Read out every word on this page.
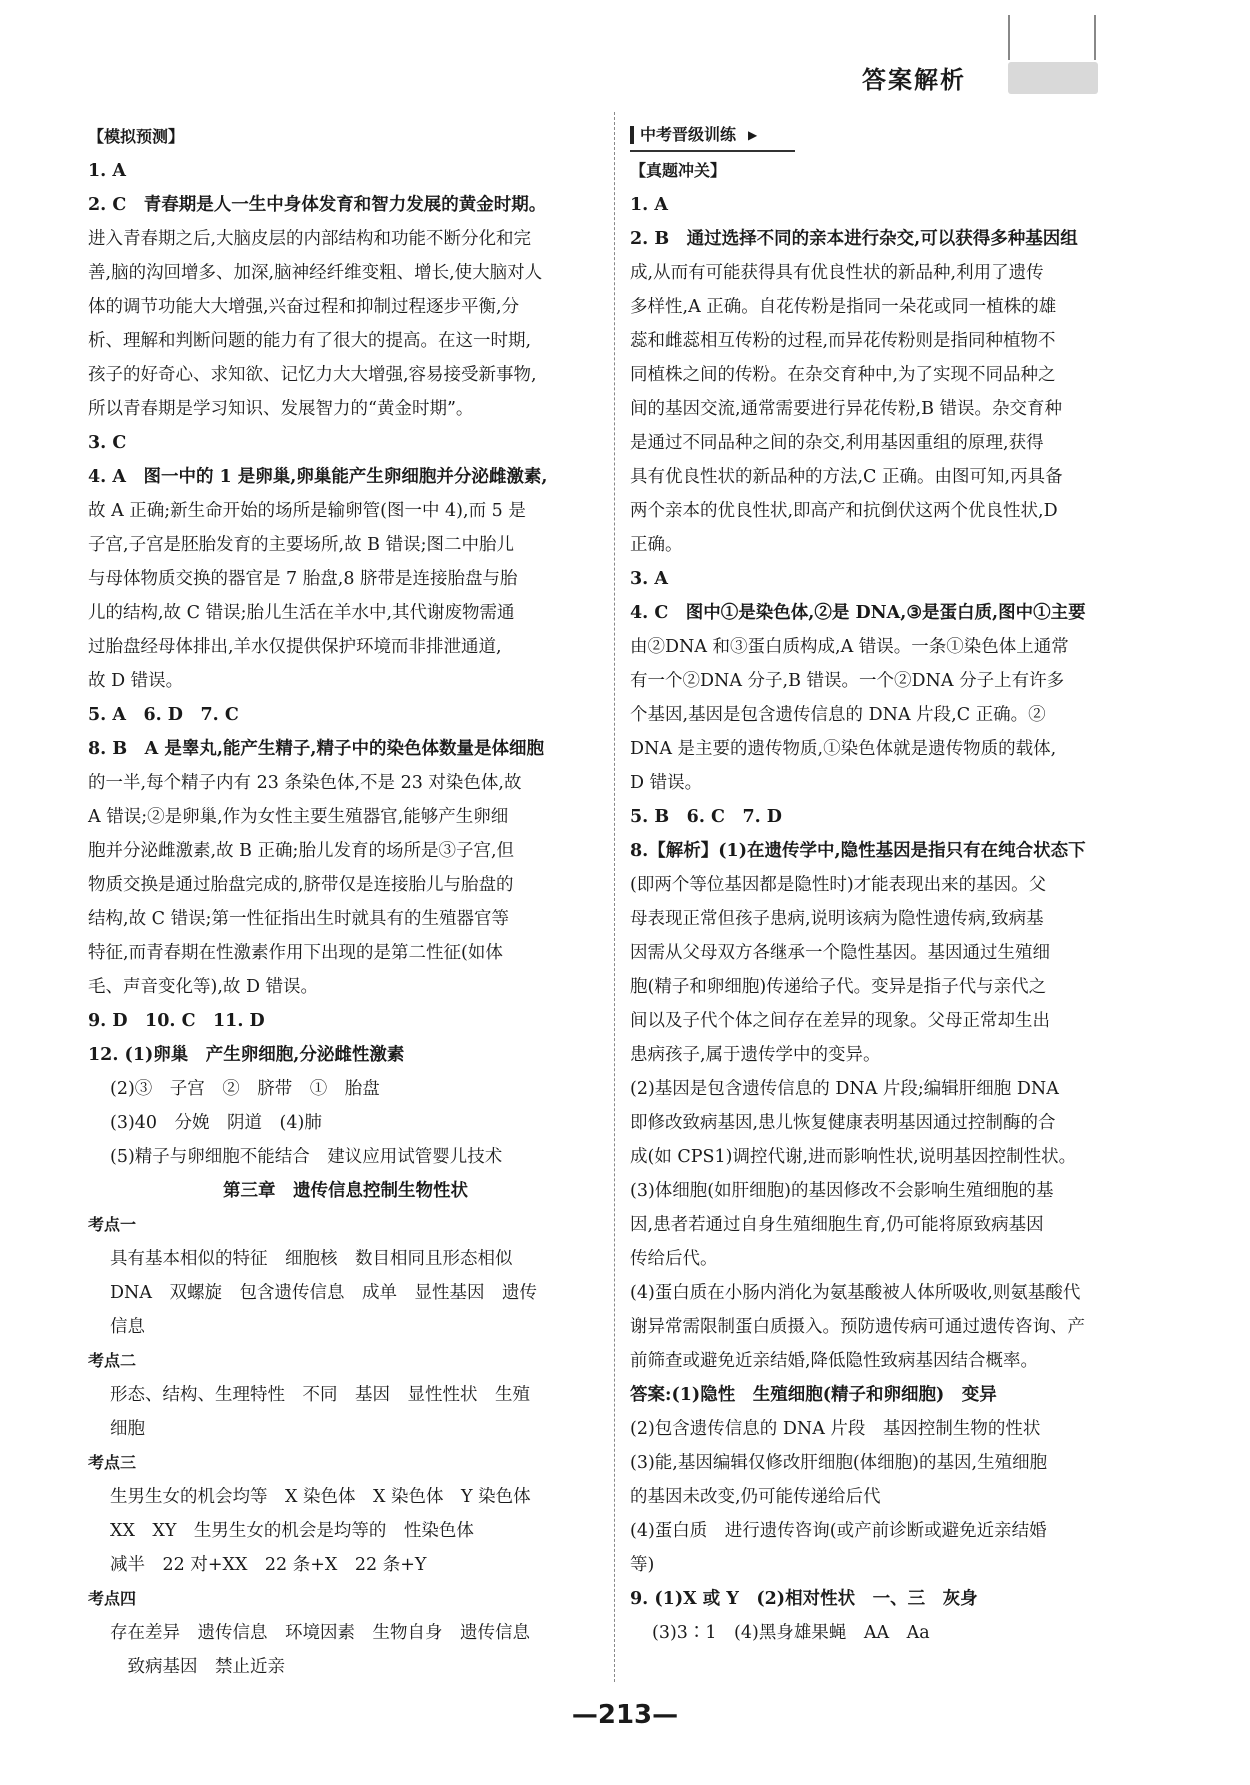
答案解析
【模拟预测】
1. A
2. C　青春期是人一生中身体发育和智力发展的黄金时期。
进入青春期之后,大脑皮层的内部结构和功能不断分化和完
善,脑的沟回增多、加深,脑神经纤维变粗、增长,使大脑对人
体的调节功能大大增强,兴奋过程和抑制过程逐步平衡,分
析、理解和判断问题的能力有了很大的提高。在这一时期,
孩子的好奇心、求知欲、记忆力大大增强,容易接受新事物,
所以青春期是学习知识、发展智力的“黄金时期”。
3. C
4. A　图一中的 1 是卵巢,卵巢能产生卵细胞并分泌雌激素,
故 A 正确;新生命开始的场所是输卵管(图一中 4),而 5 是
子宫,子宫是胚胎发育的主要场所,故 B 错误;图二中胎儿
与母体物质交换的器官是 7 胎盘,8 脐带是连接胎盘与胎
儿的结构,故 C 错误;胎儿生活在羊水中,其代谢废物需通
过胎盘经母体排出,羊水仅提供保护环境而非排泄通道,
故 D 错误。
5. A　6. D　7. C
8. B　A 是睾丸,能产生精子,精子中的染色体数量是体细胞
的一半,每个精子内有 23 条染色体,不是 23 对染色体,故
A 错误;②是卵巢,作为女性主要生殖器官,能够产生卵细
胞并分泌雌激素,故 B 正确;胎儿发育的场所是③子宫,但
物质交换是通过胎盘完成的,脐带仅是连接胎儿与胎盘的
结构,故 C 错误;第一性征指出生时就具有的生殖器官等
特征,而青春期在性激素作用下出现的是第二性征(如体
毛、声音变化等),故 D 错误。
9. D　10. C　11. D
12. (1)卵巢　产生卵细胞,分泌雌性激素
(2)③　子宫　②　脐带　①　胎盘
(3)40　分娩　阴道　(4)肺
(5)精子与卵细胞不能结合　建议应用试管婴儿技术
第三章　遗传信息控制生物性状
考点一
具有基本相似的特征　细胞核　数目相同且形态相似
DNA　双螺旋　包含遗传信息　成单　显性基因　遗传
信息
考点二
形态、结构、生理特性　不同　基因　显性性状　生殖
细胞
考点三
生男生女的机会均等　X 染色体　X 染色体　Y 染色体
XX　XY　生男生女的机会是均等的　性染色体
减半　22 对+XX　22 条+X　22 条+Y
考点四
存在差异　遗传信息　环境因素　生物自身　遗传信息
　致病基因　禁止近亲
中考晋级训练 ▶
【真题冲关】
1. A
2. B　通过选择不同的亲本进行杂交,可以获得多种基因组
成,从而有可能获得具有优良性状的新品种,利用了遗传
多样性,A 正确。自花传粉是指同一朵花或同一植株的雄
蕊和雌蕊相互传粉的过程,而异花传粉则是指同种植物不
同植株之间的传粉。在杂交育种中,为了实现不同品种之
间的基因交流,通常需要进行异花传粉,B 错误。杂交育种
是通过不同品种之间的杂交,利用基因重组的原理,获得
具有优良性状的新品种的方法,C 正确。由图可知,丙具备
两个亲本的优良性状,即高产和抗倒伏这两个优良性状,D
正确。
3. A
4. C　图中①是染色体,②是 DNA,③是蛋白质,图中①主要
由②DNA 和③蛋白质构成,A 错误。一条①染色体上通常
有一个②DNA 分子,B 错误。一个②DNA 分子上有许多
个基因,基因是包含遗传信息的 DNA 片段,C 正确。②
DNA 是主要的遗传物质,①染色体就是遗传物质的载体,
D 错误。
5. B　6. C　7. D
8.【解析】(1)在遗传学中,隐性基因是指只有在纯合状态下
(即两个等位基因都是隐性时)才能表现出来的基因。父
母表现正常但孩子患病,说明该病为隐性遗传病,致病基
因需从父母双方各继承一个隐性基因。基因通过生殖细
胞(精子和卵细胞)传递给子代。变异是指子代与亲代之
间以及子代个体之间存在差异的现象。父母正常却生出
患病孩子,属于遗传学中的变异。
(2)基因是包含遗传信息的 DNA 片段;编辑肝细胞 DNA
即修改致病基因,患儿恢复健康表明基因通过控制酶的合
成(如 CPS1)调控代谢,进而影响性状,说明基因控制性状。
(3)体细胞(如肝细胞)的基因修改不会影响生殖细胞的基
因,患者若通过自身生殖细胞生育,仍可能将原致病基因
传给后代。
(4)蛋白质在小肠内消化为氨基酸被人体所吸收,则氨基酸代
谢异常需限制蛋白质摄入。预防遗传病可通过遗传咨询、产
前筛查或避免近亲结婚,降低隐性致病基因结合概率。
答案:(1)隐性　生殖细胞(精子和卵细胞)　变异
(2)包含遗传信息的 DNA 片段　基因控制生物的性状
(3)能,基因编辑仅修改肝细胞(体细胞)的基因,生殖细胞
的基因未改变,仍可能传递给后代
(4)蛋白质　进行遗传咨询(或产前诊断或避免近亲结婚
等)
9. (1)X 或 Y　(2)相对性状　一、三　灰身
(3)3∶1　(4)黑身雄果蝇　AA　Aa
—213—
